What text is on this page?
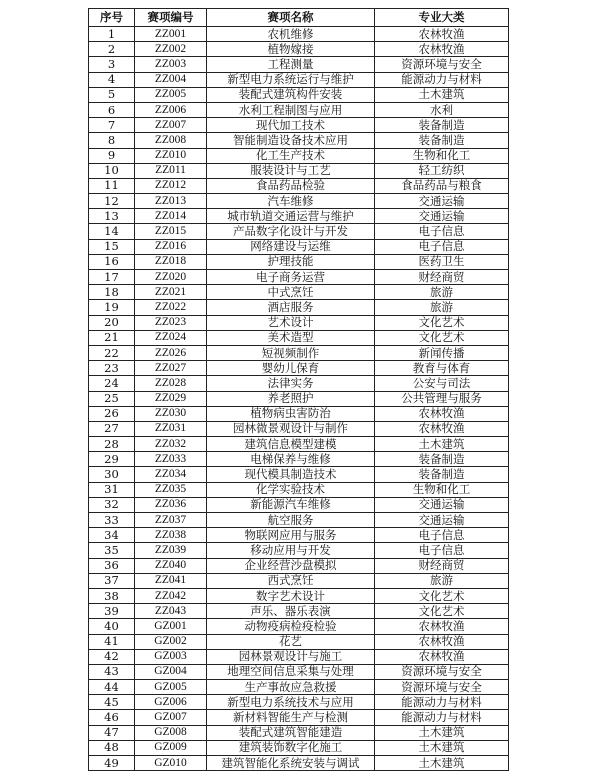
序号	赛项编号	赛项名称	专业大类
1	ZZ001	农机维修	农林牧渔
2	ZZ002	植物嫁接	农林牧渔
3	ZZ003	工程测量	资源环境与安全
4	ZZ004	新型电力系统运行与维护	能源动力与材料
5	ZZ005	装配式建筑构件安装	土木建筑
6	ZZ006	水利工程制图与应用	水利
7	ZZ007	现代加工技术	装备制造
8	ZZ008	智能制造设备技术应用	装备制造
9	ZZ010	化工生产技术	生物和化工
10	ZZ011	服装设计与工艺	轻工纺织
11	ZZ012	食品药品检验	食品药品与粮食
12	ZZ013	汽车维修	交通运输
13	ZZ014	城市轨道交通运营与维护	交通运输
14	ZZ015	产品数字化设计与开发	电子信息
15	ZZ016	网络建设与运维	电子信息
16	ZZ018	护理技能	医药卫生
17	ZZ020	电子商务运营	财经商贸
18	ZZ021	中式烹饪	旅游
19	ZZ022	酒店服务	旅游
20	ZZ023	艺术设计	文化艺术
21	ZZ024	美术造型	文化艺术
22	ZZ026	短视频制作	新闻传播
23	ZZ027	婴幼儿保育	教育与体育
24	ZZ028	法律实务	公安与司法
25	ZZ029	养老照护	公共管理与服务
26	ZZ030	植物病虫害防治	农林牧渔
27	ZZ031	园林微景观设计与制作	农林牧渔
28	ZZ032	建筑信息模型建模	土木建筑
29	ZZ033	电梯保养与维修	装备制造
30	ZZ034	现代模具制造技术	装备制造
31	ZZ035	化学实验技术	生物和化工
32	ZZ036	新能源汽车维修	交通运输
33	ZZ037	航空服务	交通运输
34	ZZ038	物联网应用与服务	电子信息
35	ZZ039	移动应用与开发	电子信息
36	ZZ040	企业经营沙盘模拟	财经商贸
37	ZZ041	西式烹饪	旅游
38	ZZ042	数字艺术设计	文化艺术
39	ZZ043	声乐、器乐表演	文化艺术
40	GZ001	动物疫病检疫检验	农林牧渔
41	GZ002	花艺	农林牧渔
42	GZ003	园林景观设计与施工	农林牧渔
43	GZ004	地理空间信息采集与处理	资源环境与安全
44	GZ005	生产事故应急救援	资源环境与安全
45	GZ006	新型电力系统技术与应用	能源动力与材料
46	GZ007	新材料智能生产与检测	能源动力与材料
47	GZ008	装配式建筑智能建造	土木建筑
48	GZ009	建筑装饰数字化施工	土木建筑
49	GZ010	建筑智能化系统安装与调试	土木建筑
